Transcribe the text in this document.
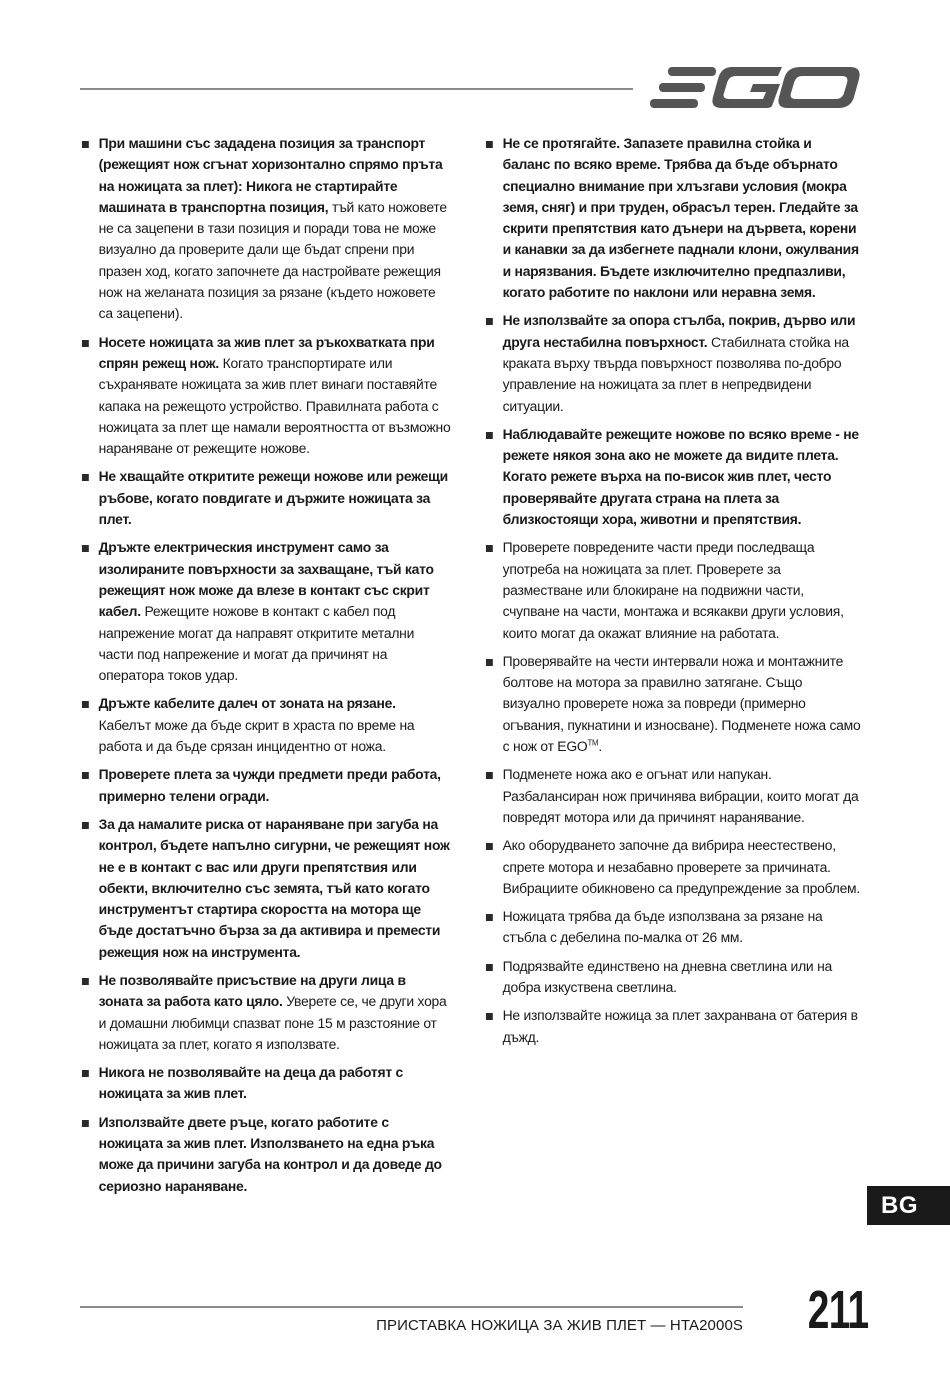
При машини със зададена позиция за транспорт (режещият нож сгънат хоризонтално спрямо пръта на ножицата за плет): Никога не стартирайте машината в транспортна позиция, тъй като ножовете не са зацепени в тази позиция и поради това не може визуално да проверите дали ще бъдат спрени при празен ход, когато започнете да настройвате режещия нож на желаната позиция за рязане (където ножовете са зацепени).
Носете ножицата за жив плет за ръкохватката при спрян режещ нож. Когато транспортирате или съхранявате ножицата за жив плет винаги поставяйте капака на режещото устройство. Правилната работа с ножицата за плет ще намали вероятността от възможно нараняване от режещите ножове.
Не хващайте откритите режещи ножове или режещи ръбове, когато повдигате и държите ножицата за плет.
Дръжте електрическия инструмент само за изолираните повърхности за захващане, тъй като режещият нож може да влезе в контакт със скрит кабел. Режещите ножове в контакт с кабел под напрежение могат да направят откритите метални части под напрежение и могат да причинят на оператора токов удар.
Дръжте кабелите далеч от зоната на рязане. Кабелът може да бъде скрит в храста по време на работа и да бъде срязан инцидентно от ножа.
Проверете плета за чужди предмети преди работа, примерно телени огради.
За да намалите риска от нараняване при загуба на контрол, бъдете напълно сигурни, че режещият нож не е в контакт с вас или други препятствия или обекти, включително със земята, тъй като когато инструментът стартира скоростта на мотора ще бъде достатъчно бърза за да активира и премести режещия нож на инструмента.
Не позволявайте присъствие на други лица в зоната за работа като цяло. Уверете се, че други хора и домашни любимци спазват поне 15 м разстояние от ножицата за плет, когато я използвате.
Никога не позволявайте на деца да работят с ножицата за жив плет.
Използвайте двете ръце, когато работите с ножицата за жив плет. Използването на една ръка може да причини загуба на контрол и да доведе до сериозно нараняване.
Не се протягайте. Запазете правилна стойка и баланс по всяко време. Трябва да бъде обърнато специално внимание при хлъзгави условия (мокра земя, сняг) и при труден, обрасъл терен. Гледайте за скрити препятствия като дънери на дървета, корени и канавки за да избегнете паднали клони, ожулвания и нарязвания. Бъдете изключително предпазливи, когато работите по наклони или неравна земя.
Не използвайте за опора стълба, покрив, дърво или друга нестабилна повърхност. Стабилната стойка на краката върху твърда повърхност позволява по-добро управление на ножицата за плет в непредвидени ситуации.
Наблюдавайте режещите ножове по всяко време - не режете някоя зона ако не можете да видите плета. Когато режете върха на по-висок жив плет, често проверявайте другата страна на плета за близкостоящи хора, животни и препятствия.
Проверете повредените части преди последваща употреба на ножицата за плет. Проверете за разместване или блокиране на подвижни части, счупване на части, монтажа и всякакви други условия, които могат да окажат влияние на работата.
Проверявайте на чести интервали ножа и монтажните болтове на мотора за правилно затягане. Също визуално проверете ножа за повреди (примерно огъвания, пукнатини и износване). Подменете ножа само с нож от EGO™.
Подменете ножа ако е огънат или напукан. Разбалансиран нож причинява вибрации, които могат да повредят мотора или да причинят наранявание.
Ако оборудването започне да вибрира неестествено, спрете мотора и незабавно проверете за причината. Вибрациите обикновено са предупреждение за проблем.
Ножицата трябва да бъде използвана за рязане на стъбла с дебелина по-малка от 26 мм.
Подрязвайте единствено на дневна светлина или на добра изкуствена светлина.
Не използвайте ножица за плет захранвана от батерия в дъжд.
BG
ПРИСТАВКА НОЖИЦА ЗА ЖИВ ПЛЕТ — HTA2000S 211
